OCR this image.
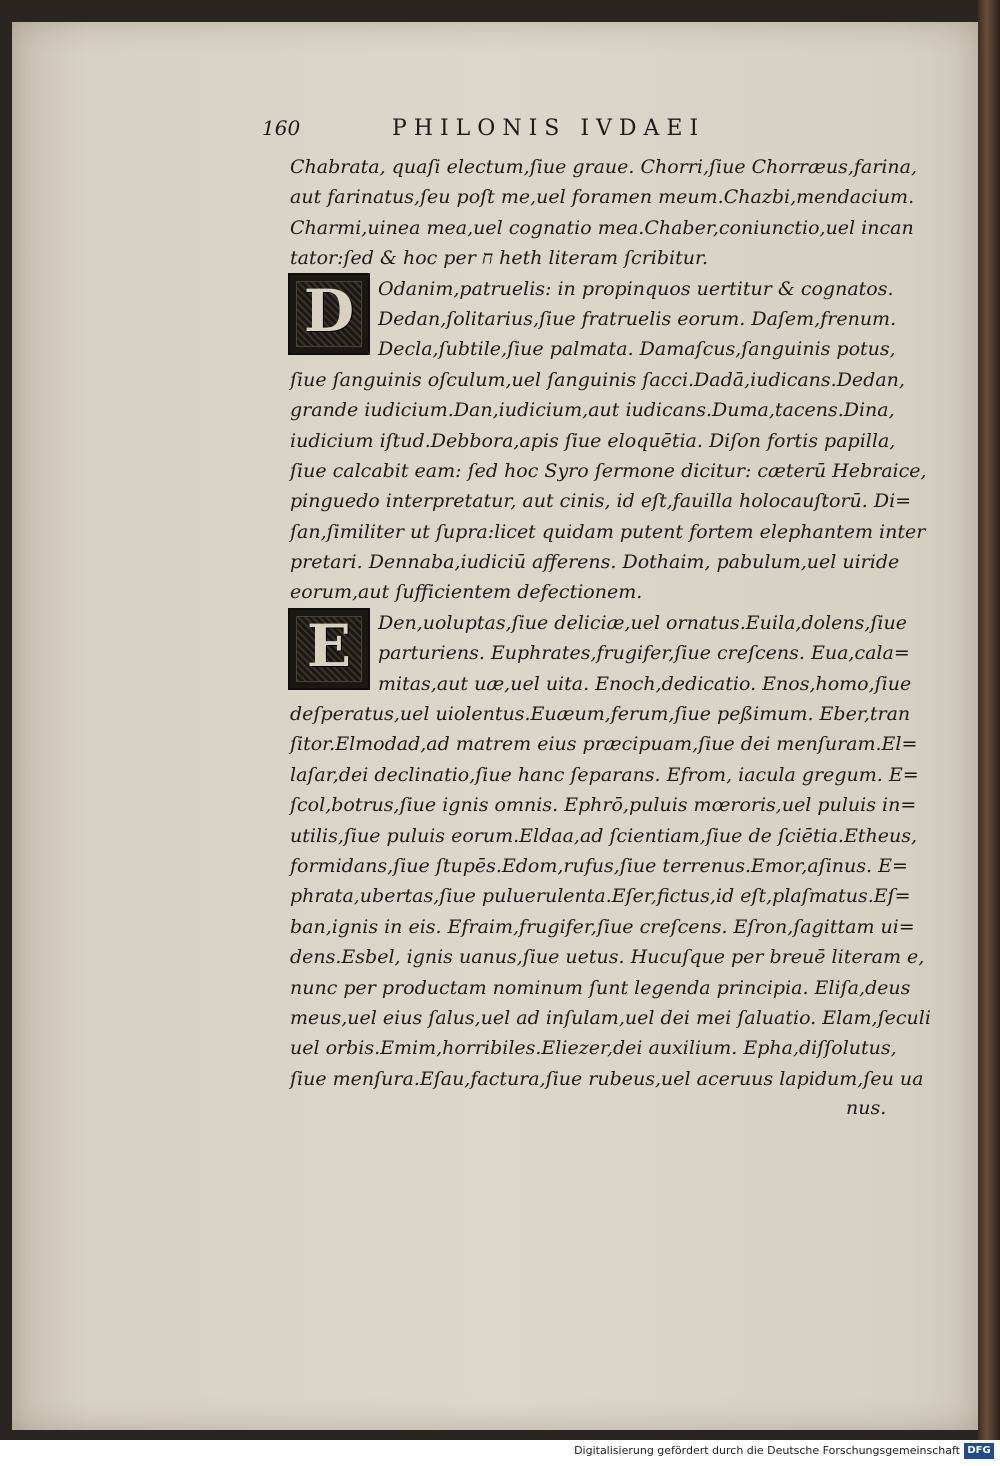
160	PHILONIS IVDAEI
D
E
Chabrata, quaſi electum,ſiue graue. Chorri,ſiue Chorræus,farina,
aut farinatus,ſeu poſt me,uel foramen meum.Chazbi,mendacium.
Charmi,uinea mea,uel cognatio mea.Chaber,coniunctio,uel incan
tator:ſed & hoc per ח heth literam ſcribitur.
Odanim,patruelis: in propinquos uertitur & cognatos.
Dedan,ſolitarius,ſiue fratruelis eorum. Daſem,frenum.
Decla,ſubtile,ſiue palmata. Damaſcus,ſanguinis potus,
ſiue ſanguinis oſculum,uel ſanguinis ſacci.Dadā,iudicans.Dedan,
grande iudicium.Dan,iudicium,aut iudicans.Duma,tacens.Dina,
iudicium iſtud.Debbora,apis ſiue eloquētia. Diſon fortis papilla,
ſiue calcabit eam: ſed hoc Syro ſermone dicitur: cæterū Hebraice,
pinguedo interpretatur, aut cinis, id eſt,fauilla holocauſtorū. Di=
ſan,ſimiliter ut ſupra:licet quidam putent fortem elephantem inter
pretari. Dennaba,iudiciū afferens. Dothaim, pabulum,uel uiride
eorum,aut ſufficientem defectionem.
Den,uoluptas,ſiue deliciæ,uel ornatus.Euila,dolens,ſiue
parturiens. Euphrates,frugifer,ſiue creſcens. Eua,cala=
mitas,aut uæ,uel uita. Enoch,dedicatio. Enos,homo,ſiue
deſperatus,uel uiolentus.Euæum,ferum,ſiue peßimum. Eber,tran
ſitor.Elmodad,ad matrem eius præcipuam,ſiue dei menſuram.El=
laſar,dei declinatio,ſiue hanc ſeparans. Efrom, iacula gregum. E=
ſcol,botrus,ſiue ignis omnis. Ephrō,puluis mœroris,uel puluis in=
utilis,ſiue puluis eorum.Eldaa,ad ſcientiam,ſiue de ſciētia.Etheus,
formidans,ſiue ſtupēs.Edom,rufus,ſiue terrenus.Emor,aſinus. E=
phrata,ubertas,ſiue puluerulenta.Eſer,fictus,id eſt,plaſmatus.Eſ=
ban,ignis in eis. Efraim,frugifer,ſiue creſcens. Eſron,ſagittam ui=
dens.Esbel, ignis uanus,ſiue uetus. Hucuſque per breuē literam e,
nunc per productam nominum ſunt legenda principia. Eliſa,deus
meus,uel eius ſalus,uel ad inſulam,uel dei mei ſaluatio. Elam,ſeculi
uel orbis.Emim,horribiles.Eliezer,dei auxilium. Epha,diſſolutus,
ſiue menſura.Eſau,factura,ſiue rubeus,uel aceruus lapidum,ſeu ua
nus.
Digitalisierung gefördert durch die Deutsche Forschungsgemeinschaft DFG
